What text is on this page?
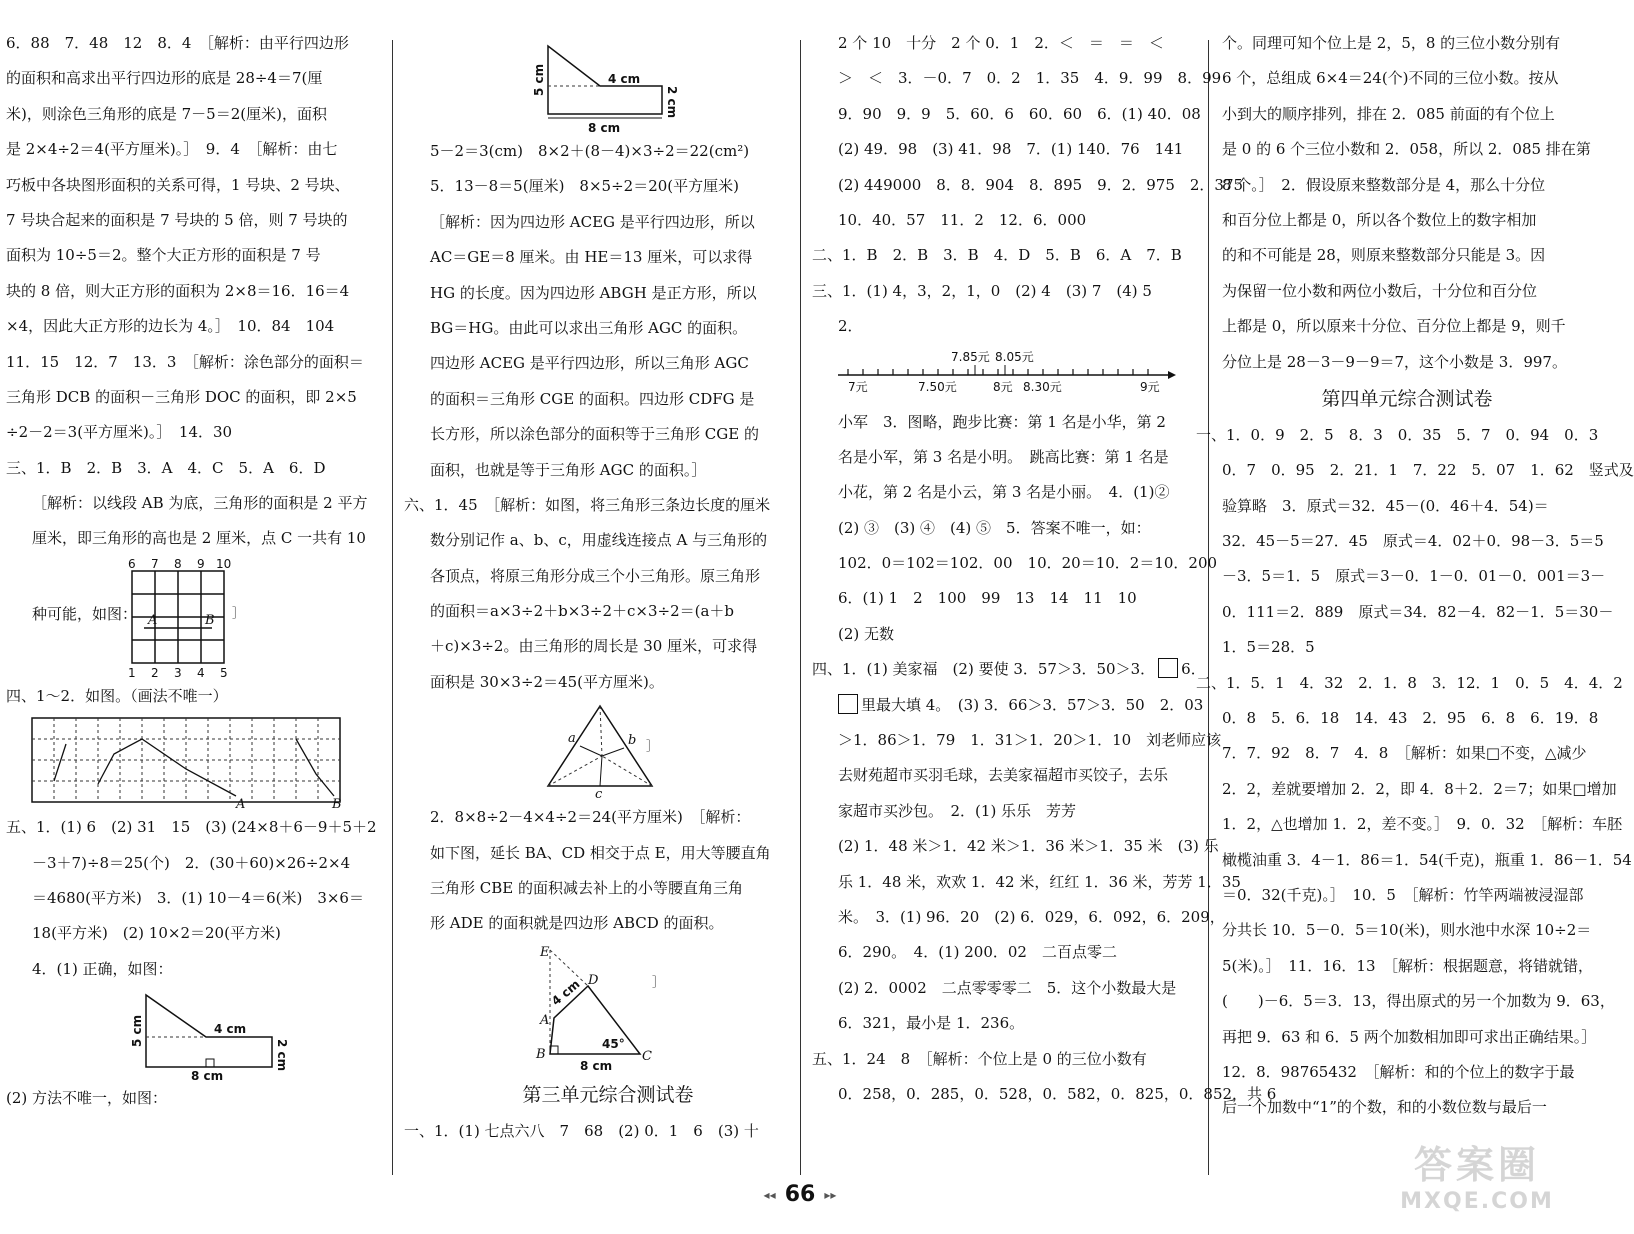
6．88　7．48　12　8．4　［解析：由平行四边形
的面积和高求出平行四边形的底是 28÷4＝7(厘
米)，则涂色三角形的底是 7－5＝2(厘米)，面积
是 2×4÷2＝4(平方厘米)。］　9．4　［解析：由七
巧板中各块图形面积的关系可得，1 号块、2 号块、
7 号块合起来的面积是 7 号块的 5 倍，则 7 号块的
面积为 10÷5＝2。整个大正方形的面积是 7 号
块的 8 倍，则大正方形的面积为 2×8＝16．16＝4
×4，因此大正方形的边长为 4。］　10．84　104
11．15　12．7　13．3　［解析：涂色部分的面积＝
三角形 DCB 的面积－三角形 DOC 的面积，即 2×5
÷2－2＝3(平方厘米)。］　14．30
三、1．B　2．B　3．A　4．C　5．A　6．D
［解析：以线段 AB 为底，三角形的面积是 2 平方
厘米，即三角形的高也是 2 厘米，点 C 一共有 10
种可能，如图：
6 7 8 9 10
1 2 3 4 5
A	B ］
四、1～2．如图。（画法不唯一）
A	B
五、1．(1) 6　(2) 31　15　(3) (24×8＋6－9＋5＋2
－3＋7)÷8＝25(个)　2．(30＋60)×26÷2×4
＝4680(平方米)　3．(1) 10－4＝6(米)　3×6＝
18(平方米)　(2) 10×2＝20(平方米)
4．(1) 正确，如图：
4 cm
5 cm
2 cm
8 cm
(2) 方法不唯一，如图：
4 cm
5 cm
2 cm
8 cm
5－2＝3(cm)　8×2＋(8－4)×3÷2＝22(cm²)
5．13－8＝5(厘米)　8×5÷2＝20(平方厘米)
［解析：因为四边形 ACEG 是平行四边形，所以
AC＝GE＝8 厘米。由 HE＝13 厘米，可以求得
HG 的长度。因为四边形 ABGH 是正方形，所以
BG＝HG。由此可以求出三角形 AGC 的面积。
四边形 ACEG 是平行四边形，所以三角形 AGC
的面积＝三角形 CGE 的面积。四边形 CDFG 是
长方形，所以涂色部分的面积等于三角形 CGE 的
面积，也就是等于三角形 AGC 的面积。］
六、1．45　［解析：如图，将三角形三条边长度的厘米
数分别记作 a、b、c，用虚线连接点 A 与三角形的
各顶点，将原三角形分成三个小三角形。原三角形
的面积＝a×3÷2＋b×3÷2＋c×3÷2＝(a＋b
＋c)×3÷2。由三角形的周长是 30 厘米，可求得
面积是 30×3÷2＝45(平方厘米)。
a	b
c
］
2．8×8÷2－4×4÷2＝24(平方厘米)　［解析：
如下图，延长 BA、CD 相交于点 E，用大等腰直角
三角形 CBE 的面积减去补上的小等腰直角三角
形 ADE 的面积就是四边形 ABCD 的面积。
E
D
A
B	C
4 cm
45°
8 cm
］
第三单元综合测试卷
一、1．(1) 七点六八　7　68　(2) 0．1　6　(3) 十
2 个 10　十分　2 个 0．1　2．＜　＝　＝　＜
＞　＜　3．－0．7　0．2　1．35　4．9．99　8．99
9．90　9．9　5．60．6　60．60　6．(1) 40．08
(2) 49．98　(3) 41．98　7．(1) 140．76　141
(2) 449000　8．8．904　8．895　9．2．975　2．375
10．40．57　11．2　12．6．000
二、1．B　2．B　3．B　4．D　5．B　6．A　7．B
三、1．(1) 4，3，2，1，0　(2) 4　(3) 7　(4) 5
2．
7.85元 8.05元
7元	7.50元	8元 8.30元	9元
小军　3．图略，跑步比赛：第 1 名是小华，第 2
名是小军，第 3 名是小明。　跳高比赛：第 1 名是
小花，第 2 名是小云，第 3 名是小丽。　4．(1)②
(2) ③　(3) ④　(4) ⑤　5．答案不唯一，如：
102．0＝102＝102．00　10．20＝10．2＝10．200
6．(1) 1　2　100　99　13　14　11　10
(2) 无数
四、1．(1) 美家福　(2) 要使 3．57＞3．50＞3． 6．
里最大填 4。　(3) 3．66＞3．57＞3．50　2．03
＞1．86＞1．79　1．31＞1．20＞1．10　刘老师应该
去财苑超市买羽毛球，去美家福超市买饺子，去乐
家超市买沙包。　2．(1) 乐乐　芳芳
(2) 1．48 米＞1．42 米＞1．36 米＞1．35 米　(3) 乐
乐 1．48 米，欢欢 1．42 米，红红 1．36 米，芳芳 1．35
米。　3．(1) 96．20　(2) 6．029，6．092，6．209，
6．290。　4．(1) 200．02　二百点零二
(2) 2．0002　二点零零零二　5．这个小数最大是
6．321，最小是 1．236。
五、1．24　8　［解析：个位上是 0 的三位小数有
0．258，0．285，0．528，0．582，0．825，0．852，共 6
个。同理可知个位上是 2，5，8 的三位小数分别有
6 个，总组成 6×4＝24(个)不同的三位小数。按从
小到大的顺序排列，排在 2．085 前面的有个位上
是 0 的 6 个三位小数和 2．058，所以 2．085 排在第
8 个。］　2．假设原来整数部分是 4，那么十分位
和百分位上都是 0，所以各个数位上的数字相加
的和不可能是 28，则原来整数部分只能是 3。因
为保留一位小数和两位小数后，十分位和百分位
上都是 0，所以原来十分位、百分位上都是 9，则千
分位上是 28－3－9－9＝7，这个小数是 3．997。
第四单元综合测试卷
一、1．0．9　2．5　8．3　0．35　5．7　0．94　0．3
0．7　0．95　2．21．1　7．22　5．07　1．62　竖式及
验算略　3．原式＝32．45－(0．46＋4．54)＝
32．45－5＝27．45　原式＝4．02＋0．98－3．5＝5
－3．5＝1．5　原式＝3－0．1－0．01－0．001＝3－
0．111＝2．889　原式＝34．82－4．82－1．5＝30－
1．5＝28．5
二、1．5．1　4．32　2．1．8　3．12．1　0．5　4．4．2
0．8　5．6．18　14．43　2．95　6．8　6．19．8
7．7．92　8．7　4．8　［解析：如果□不变，△减少
2．2，差就要增加 2．2，即 4．8＋2．2＝7；如果□增加
1．2，△也增加 1．2，差不变。］　9．0．32　［解析：车胚
橄榄油重 3．4－1．86＝1．54(千克)，瓶重 1．86－1．54
＝0．32(千克)。］　10．5　［解析：竹竿两端被浸湿部
分共长 10．5－0．5＝10(米)，则水池中水深 10÷2＝
5(米)。］　11．16．13　［解析：根据题意，将错就错，
(　　)－6．5＝3．13，得出原式的另一个加数为 9．63，
再把 9．63 和 6．5 两个加数相加即可求出正确结果。］
12．8．98765432　［解析：和的个位上的数字于最
后一个加数中“1”的个数，和的小数位数与最后一
◂◂ 66 ▸▸
答案圈
MXQE.COM
